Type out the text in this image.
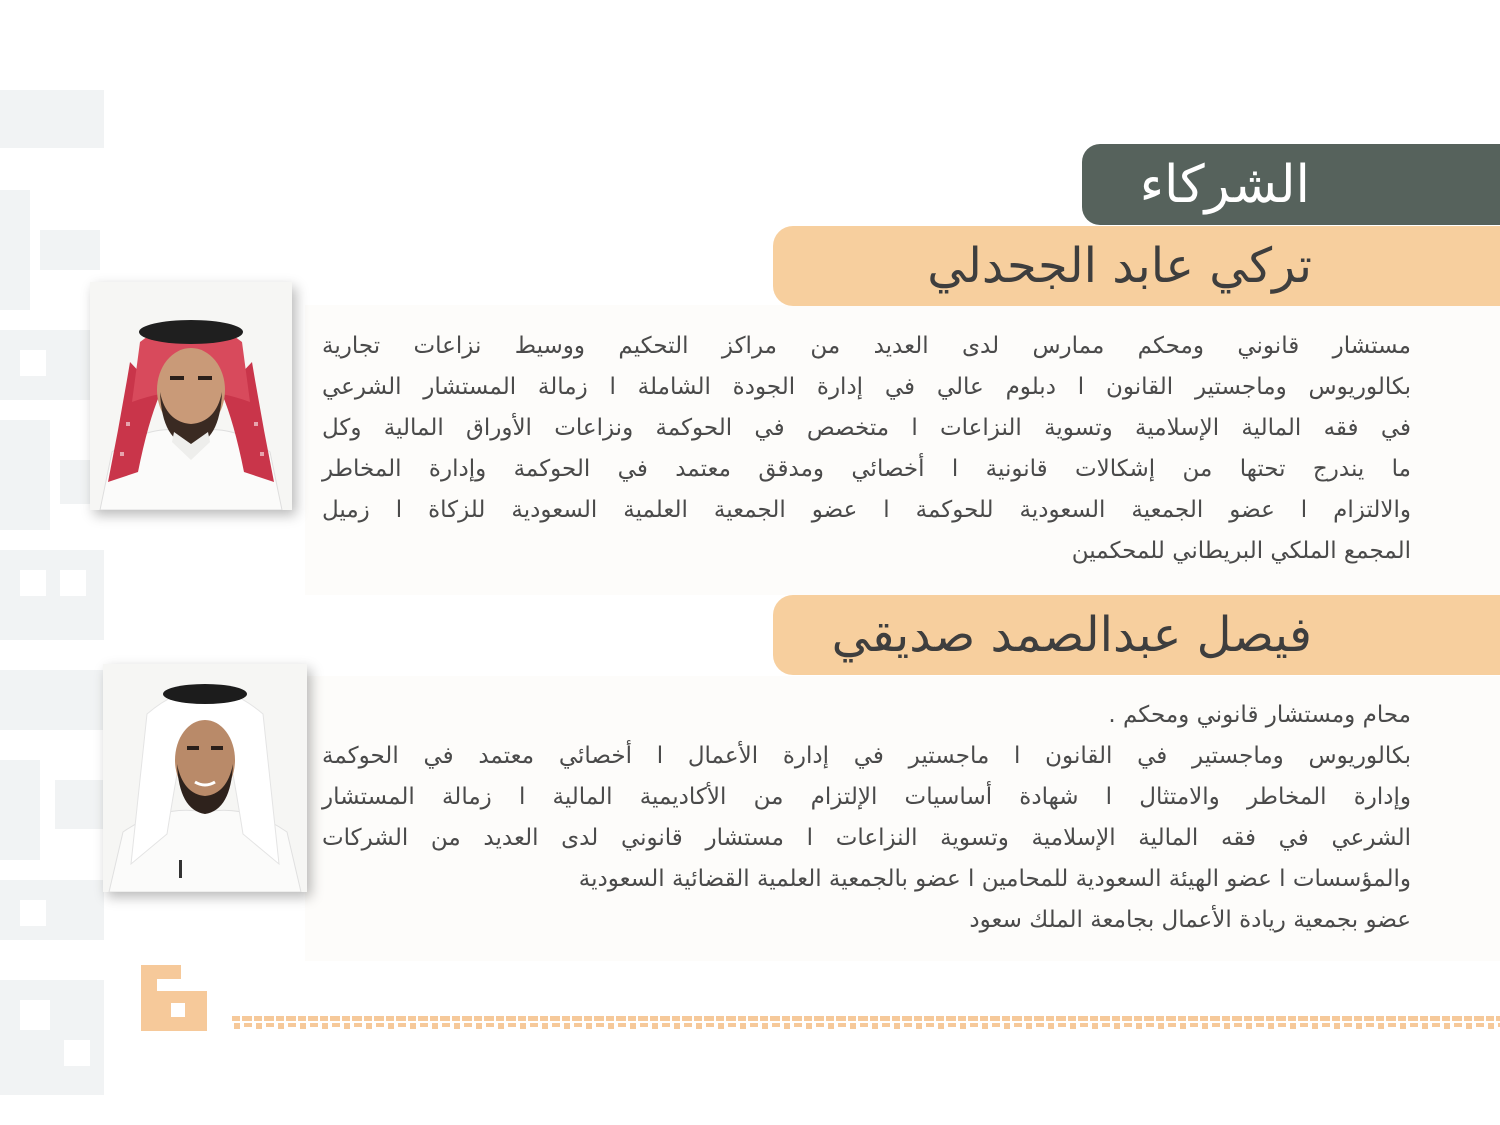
الشركاء
تركي عابد الجحدلي

مستشار قانوني ومحكم ممارس لدى العديد من مراكز التحكيم ووسيط نزاعات تجارية

بكالوريوس وماجستير القانون ا دبلوم عالي في إدارة الجودة الشاملة ا زمالة المستشار الشرعي

في فقه المالية الإسلامية وتسوية النزاعات ا متخصص في الحوكمة ونزاعات الأوراق المالية وكل

ما يندرج تحتها من إشكالات قانونية ا أخصائي ومدقق معتمد في الحوكمة وإدارة المخاطر

والالتزام ا عضو الجمعية السعودية للحوكمة ا عضو الجمعية العلمية السعودية للزكاة ا زميل

المجمع الملكي البريطاني للمحكمين

فيصل عبدالصمد صديقي

محام ومستشار قانوني ومحكم .

بكالوريوس وماجستير في القانون ا ماجستير في إدارة الأعمال ا أخصائي معتمد في الحوكمة

وإدارة المخاطر والامتثال ا شهادة أساسيات الإلتزام من الأكاديمية المالية ا زمالة المستشار

الشرعي في فقه المالية الإسلامية وتسوية النزاعات ا مستشار قانوني لدى العديد من الشركات

والمؤسسات ا عضو الهيئة السعودية للمحامين ا عضو بالجمعية العلمية القضائية السعودية

عضو بجمعية ريادة الأعمال بجامعة الملك سعود
